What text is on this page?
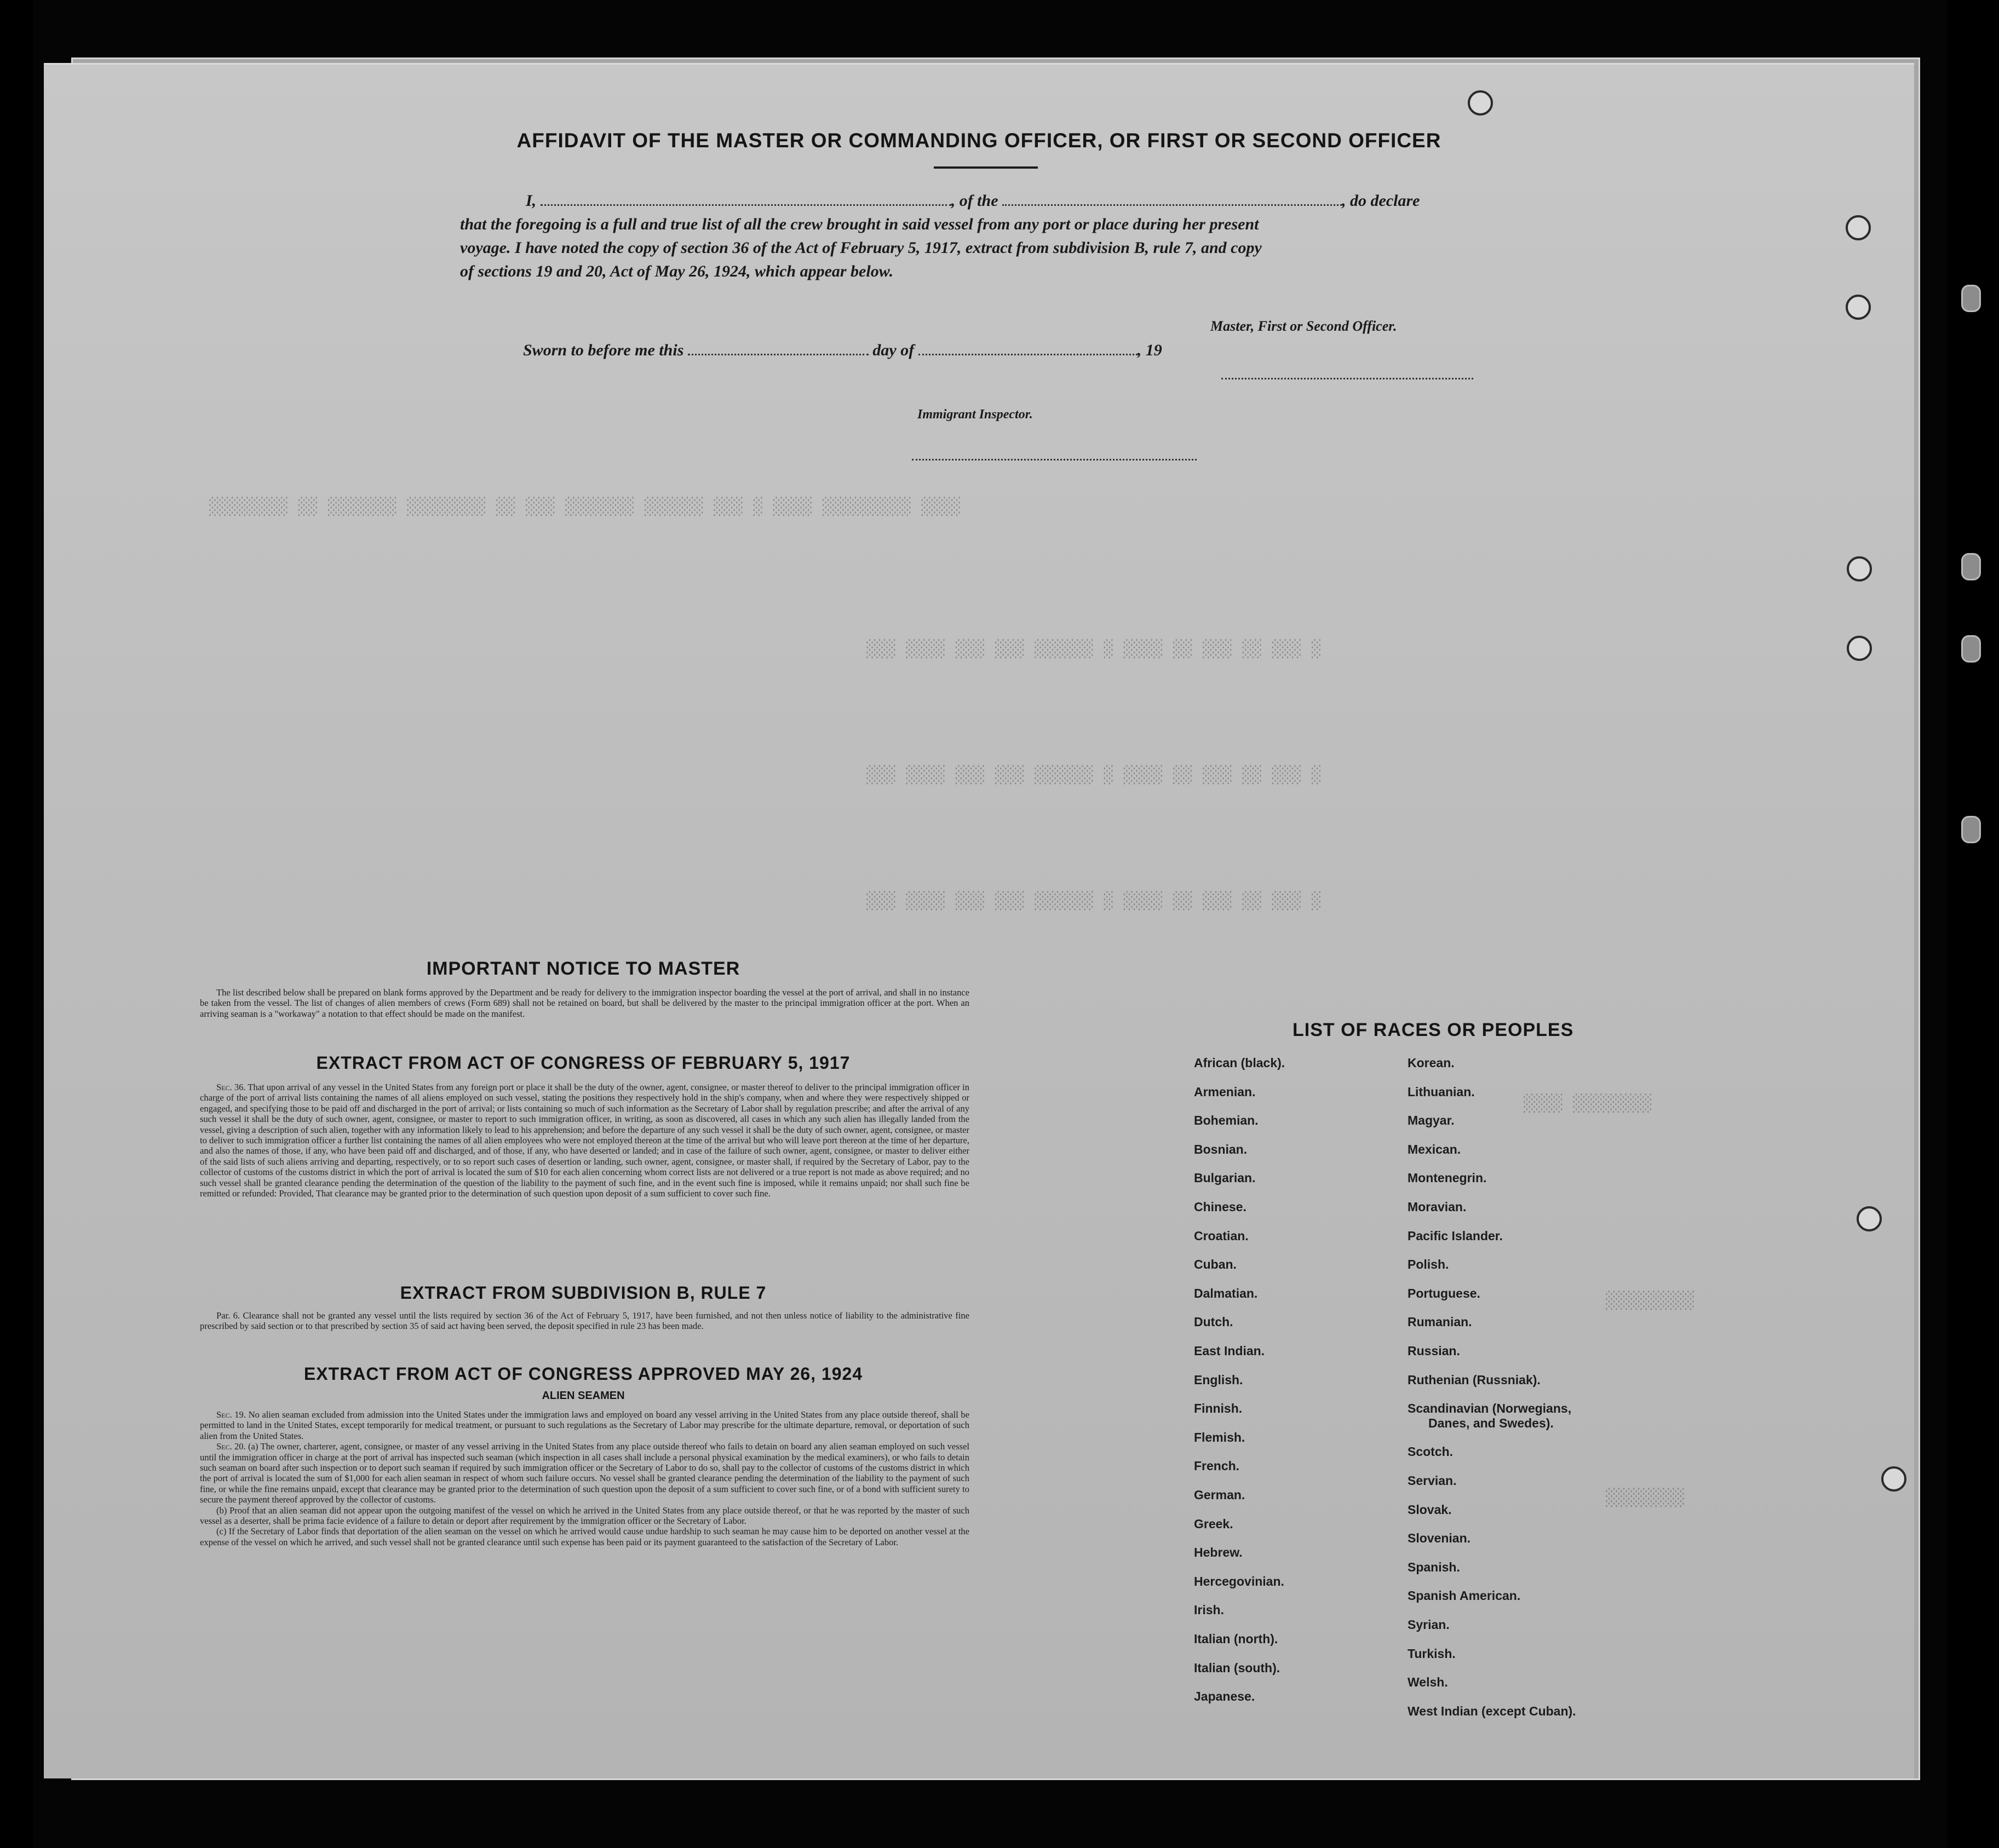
░░░░ ░░░░░░░░░ ░░░░ ░ ░░░ ░░░░░░ ░░░░░░░ ░░░ ░░ ░░░░░░░░ ░░░░░░░ ░░ ░░░░░░░░
░ ░░░ ░░ ░░░ ░░ ░░░░ ░ ░░░░░░ ░░░ ░░░ ░░░░ ░░░
░ ░░░ ░░ ░░░ ░░ ░░░░ ░ ░░░░░░ ░░░ ░░░ ░░░░ ░░░
░ ░░░ ░░ ░░░ ░░ ░░░░ ░ ░░░░░░ ░░░ ░░░ ░░░░ ░░░
░░░░░░░░ ░░░░
░░░░░░░░░
░░░░░░░░
AFFIDAVIT OF THE MASTER OR COMMANDING OFFICER, OR FIRST OR SECOND OFFICER
I,	, of the	, do declare
that the foregoing is a full and true list of all the crew brought in said vessel from any port or place during her present
voyage. I have noted the copy of section 36 of the Act of February 5, 1917, extract from subdivision B, rule 7, and copy
of sections 19 and 20, Act of May 26, 1924, which appear below.
Master, First or Second Officer.
Sworn to before me this	day of	, 19
Immigrant Inspector.
IMPORTANT NOTICE TO MASTER

The list described below shall be prepared on blank forms approved by the Department and be ready for delivery to the immigration inspector boarding the vessel at the port of arrival, and shall in no instance be taken from the vessel. The list of changes of alien members of crews (Form 689) shall not be retained on board, but shall be delivered by the master to the principal immigration officer at the port. When an arriving seaman is a "workaway" a notation to that effect should be made on the manifest.

EXTRACT FROM ACT OF CONGRESS OF FEBRUARY 5, 1917

Sec. 36. That upon arrival of any vessel in the United States from any foreign port or place it shall be the duty of the owner, agent, consignee, or master thereof to deliver to the principal immigration officer in charge of the port of arrival lists containing the names of all aliens employed on such vessel, stating the positions they respectively hold in the ship's company, when and where they were respectively shipped or engaged, and specifying those to be paid off and discharged in the port of arrival; or lists containing so much of such information as the Secretary of Labor shall by regulation prescribe; and after the arrival of any such vessel it shall be the duty of such owner, agent, consignee, or master to report to such immigration officer, in writing, as soon as discovered, all cases in which any such alien has illegally landed from the vessel, giving a description of such alien, together with any information likely to lead to his apprehension; and before the departure of any such vessel it shall be the duty of such owner, agent, consignee, or master to deliver to such immigration officer a further list containing the names of all alien employees who were not employed thereon at the time of the arrival but who will leave port thereon at the time of her departure, and also the names of those, if any, who have been paid off and discharged, and of those, if any, who have deserted or landed; and in case of the failure of such owner, agent, consignee, or master to deliver either of the said lists of such aliens arriving and departing, respectively, or to so report such cases of desertion or landing, such owner, agent, consignee, or master shall, if required by the Secretary of Labor, pay to the collector of customs of the customs district in which the port of arrival is located the sum of $10 for each alien concerning whom correct lists are not delivered or a true report is not made as above required; and no such vessel shall be granted clearance pending the determination of the question of the liability to the payment of such fine, and in the event such fine is imposed, while it remains unpaid; nor shall such fine be remitted or refunded: Provided, That clearance may be granted prior to the determination of such question upon deposit of a sum sufficient to cover such fine.

EXTRACT FROM SUBDIVISION B, RULE 7

Par. 6. Clearance shall not be granted any vessel until the lists required by section 36 of the Act of February 5, 1917, have been furnished, and not then unless notice of liability to the administrative fine prescribed by said section or to that prescribed by section 35 of said act having been served, the deposit specified in rule 23 has been made.

EXTRACT FROM ACT OF CONGRESS APPROVED MAY 26, 1924
ALIEN SEAMEN

Sec. 19. No alien seaman excluded from admission into the United States under the immigration laws and employed on board any vessel arriving in the United States from any place outside thereof, shall be permitted to land in the United States, except temporarily for medical treatment, or pursuant to such regulations as the Secretary of Labor may prescribe for the ultimate departure, removal, or deportation of such alien from the United States.

Sec. 20. (a) The owner, charterer, agent, consignee, or master of any vessel arriving in the United States from any place outside thereof who fails to detain on board any alien seaman employed on such vessel until the immigration officer in charge at the port of arrival has inspected such seaman (which inspection in all cases shall include a personal physical examination by the medical examiners), or who fails to detain such seaman on board after such inspection or to deport such seaman if required by such immigration officer or the Secretary of Labor to do so, shall pay to the collector of customs of the customs district in which the port of arrival is located the sum of $1,000 for each alien seaman in respect of whom such failure occurs. No vessel shall be granted clearance pending the determination of the liability to the payment of such fine, or while the fine remains unpaid, except that clearance may be granted prior to the determination of such question upon the deposit of a sum sufficient to cover such fine, or of a bond with sufficient surety to secure the payment thereof approved by the collector of customs.

(b) Proof that an alien seaman did not appear upon the outgoing manifest of the vessel on which he arrived in the United States from any place outside thereof, or that he was reported by the master of such vessel as a deserter, shall be prima facie evidence of a failure to detain or deport after requirement by the immigration officer or the Secretary of Labor.

(c) If the Secretary of Labor finds that deportation of the alien seaman on the vessel on which he arrived would cause undue hardship to such seaman he may cause him to be deported on another vessel at the expense of the vessel on which he arrived, and such vessel shall not be granted clearance until such expense has been paid or its payment guaranteed to the satisfaction of the Secretary of Labor.

LIST OF RACES OR PEOPLES
African (black).
Armenian.
Bohemian.
Bosnian.
Bulgarian.
Chinese.
Croatian.
Cuban.
Dalmatian.
Dutch.
East Indian.
English.
Finnish.
Flemish.
French.
German.
Greek.
Hebrew.
Hercegovinian.
Irish.
Italian (north).
Italian (south).
Japanese.
Korean.
Lithuanian.
Magyar.
Mexican.
Montenegrin.
Moravian.
Pacific Islander.
Polish.
Portuguese.
Rumanian.
Russian.
Ruthenian (Russniak).
Scandinavian (Norwegians,
Danes, and Swedes).
Scotch.
Servian.
Slovak.
Slovenian.
Spanish.
Spanish American.
Syrian.
Turkish.
Welsh.
West Indian (except Cuban).
